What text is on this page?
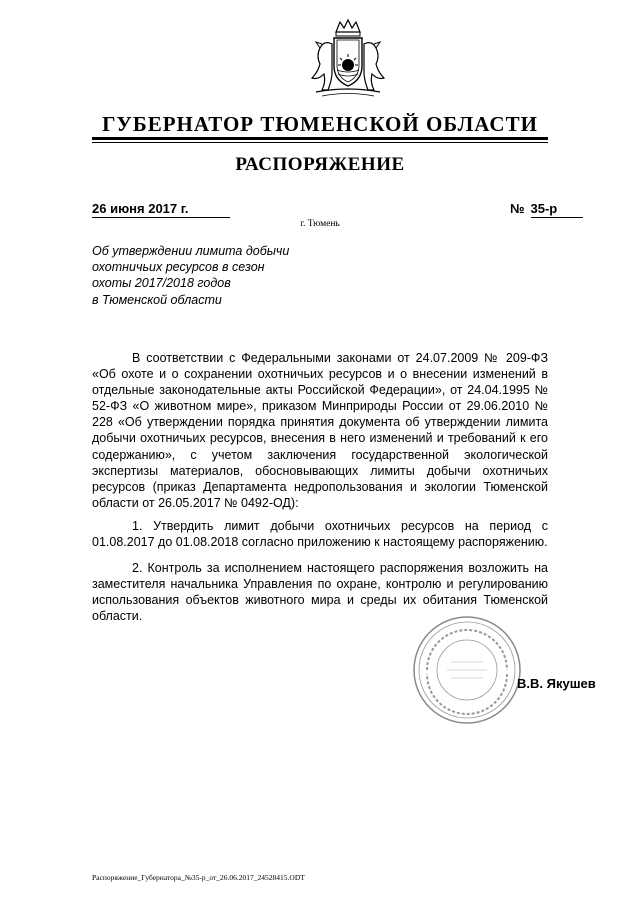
ГУБЕРНАТОР ТЮМЕНСКОЙ ОБЛАСТИ
РАСПОРЯЖЕНИЕ
26 июня 2017 г.	№ 35-р
г. Тюмень
Об утверждении лимита добычи
охотничьих ресурсов в сезон
охоты 2017/2018 годов
в Тюменской области
В соответствии с Федеральными законами от 24.07.2009 № 209-ФЗ «Об охоте и о сохранении охотничьих ресурсов и о внесении изменений в отдельные законодательные акты Российской Федерации», от 24.04.1995 № 52-ФЗ «О животном мире», приказом Минприроды России от 29.06.2010 № 228 «Об утверждении порядка принятия документа об утверждении лимита добычи охотничьих ресурсов, внесения в него изменений и требований к его содержанию», с учетом заключения государственной экологической экспертизы материалов, обосновывающих лимиты добычи охотничьих ресурсов (приказ Департамента недропользования и экологии Тюменской области от 26.05.2017 № 0492-ОД):
1. Утвердить лимит добычи охотничьих ресурсов на период с 01.08.2017 до 01.08.2018 согласно приложению к настоящему распоряжению.
2. Контроль за исполнением настоящего распоряжения возложить на заместителя начальника Управления по охране, контролю и регулированию использования объектов животного мира и среды их обитания Тюменской области.
В.В. Якушев
Распоряжение_Губернатора_№35-р_от_26.06.2017_24528415.ODT
